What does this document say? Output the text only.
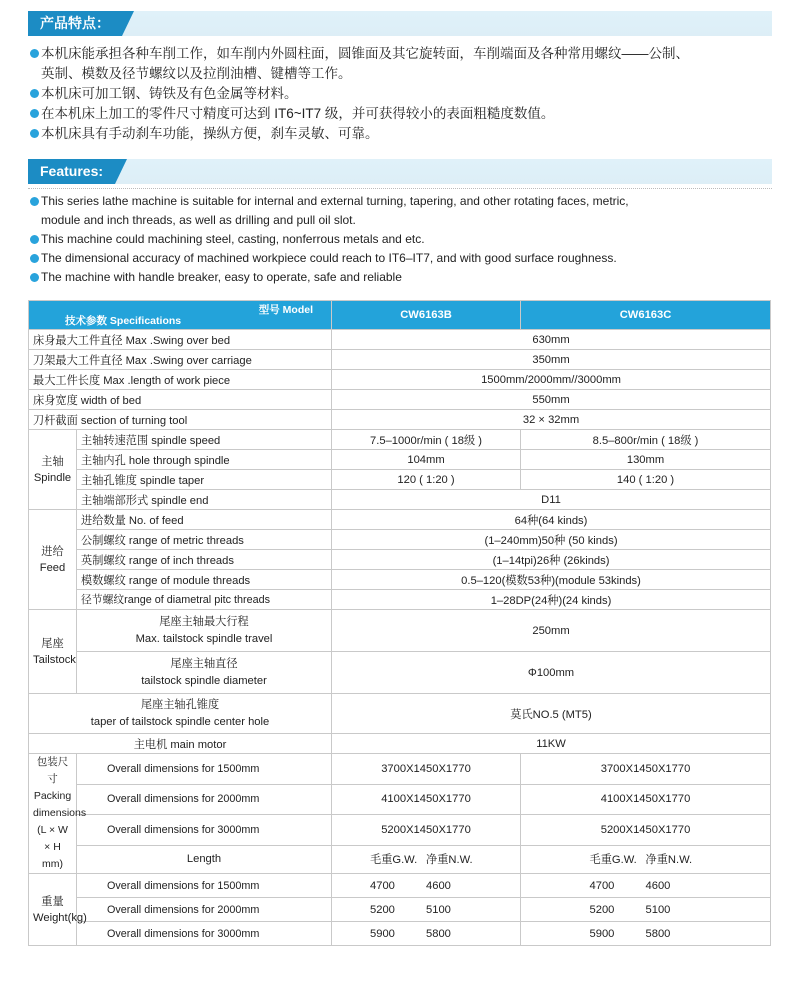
产品特点：
本机床能承担各种车削工作，如车削内外圆柱面，圆锥面及其它旋转面，车削端面及各种常用螺纹——公制、
英制、模数及径节螺纹以及拉削油槽、键槽等工作。
本机床可加工钢、铸铁及有色金属等材料。
在本机床上加工的零件尺寸精度可达到 IT6~IT7 级，并可获得较小的表面粗糙度数值。
本机床具有手动刹车功能，操纵方便，刹车灵敏、可靠。
Features:
This series lathe machine is suitable for internal and external turning, tapering, and other rotating faces, metric,
module and inch threads, as well as drilling and pull oil slot.
This machine could machining steel, casting, nonferrous metals and etc.
The dimensional accuracy of machined workpiece could reach to IT6–IT7, and with good surface roughness.
The machine with handle breaker, easy to operate, safe and reliable
型号 Model
技术参数 Specifications		CW6163B	CW6163C
床身最大工件直径 Max .Swing over bed		630mm	
刀架最大工件直径 Max .Swing over carriage		350mm	
最大工件长度 Max .length of work piece		1500mm/2000mm//3000mm	
床身宽度 width of bed		550mm	
刀杆截面 section of turning tool		32 × 32mm	
主轴
Spindle	主轴转速范围 spindle speed	7.5–1000r/min ( 18级 )	8.5–800r/min ( 18级 )
	主轴内孔 hole through spindle	104mm	130mm
	主轴孔锥度 spindle taper	120 ( 1:20 )	140 ( 1:20 )
	主轴端部形式 spindle end	D11	
进给
Feed	进给数量 No. of feed	64种(64 kinds)	
	公制螺纹 range of metric threads	(1–240mm)50种 (50 kinds)	
	英制螺纹 range of inch threads	(1–14tpi)26种 (26kinds)	
	模数螺纹 range of module threads	0.5–120(模数53种)(module 53kinds)	
	径节螺纹range of diametral pitc threads	1–28DP(24种)(24 kinds)	
尾座
Tailstock	尾座主轴最大行程
Max. tailstock spindle travel	250mm	
	尾座主轴直径
tailstock spindle diameter	Φ100mm	
尾座主轴孔锥度
taper of tailstock spindle center hole		莫氏NO.5 (MT5)	
主电机 main motor		11KW	
包装尺寸
Packing
dimensions
(L × W × H
mm)	Overall dimensions for 1500mm	3700X1450X1770	3700X1450X1770
	Overall dimensions for 2000mm	4100X1450X1770	4100X1450X1770
	Overall dimensions for 3000mm	5200X1450X1770	5200X1450X1770
	Length	毛重G.W. 净重N.W.	毛重G.W. 净重N.W.
重量
Weight(kg)	Overall dimensions for 1500mm	4700 4600	4700 4600
	Overall dimensions for 2000mm	5200 5100	5200 5100
	Overall dimensions for 3000mm	5900 5800	5900 5800
